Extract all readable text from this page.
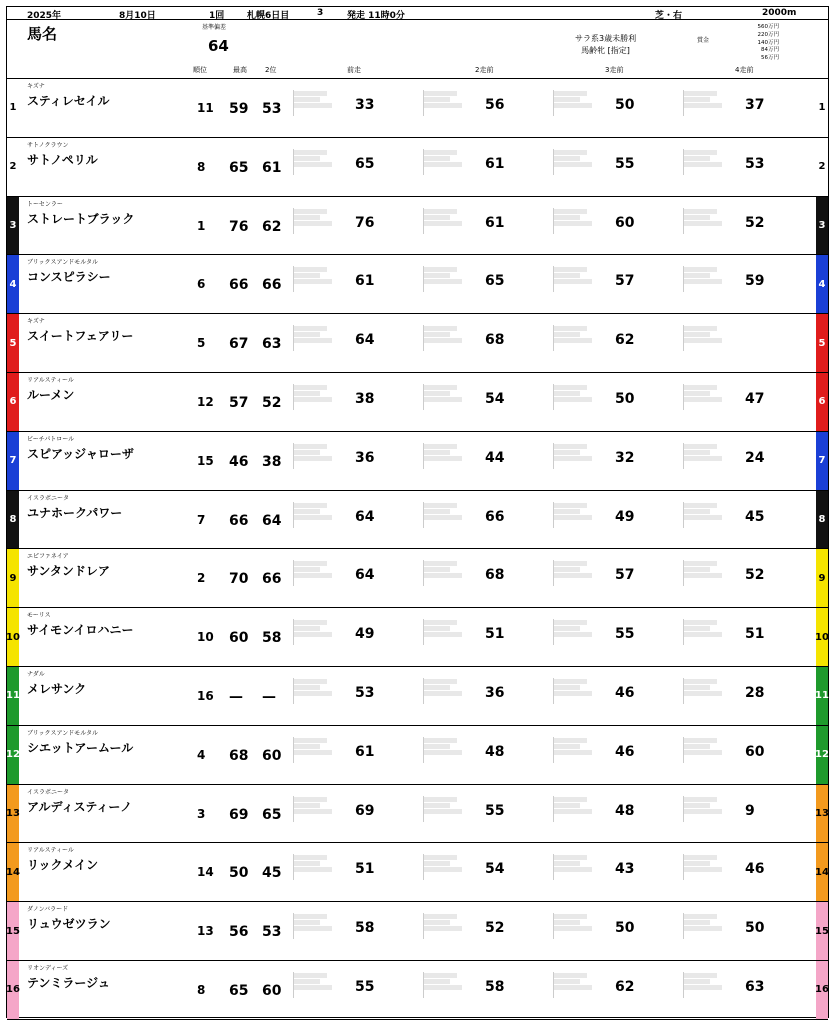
2025年	8月10日	1回	札幌6日目	3	発走 11時0分	芝・右	2000m
馬名	基準偏差
64
順位	最高	2位	前走	2走前	3走前	4走前
サラ系3歳未勝利
馬齢牝 [指定]
賞金
560万円
220万円
140万円
84万円
56万円
1	1
キズナ
スティレセイル	11 59 53	33	56	50	37
2	2
サトノクラウン
サトノペリル	8 65 61	65	61	55	53
3	3
トーセンラー
ストレートブラック	1 76 62	76	61	60	52
4	4
ブリックスアンドモルタル
コンスピラシー	6 66 66	61	65	57	59
5	5
キズナ
スイートフェアリー	5 67 63	64	68	62
6	6
リアルスティール
ルーメン	12 57 52	38	54	50	47
7	7
ビーチパトロール
スピアッジャローザ	15 46 38	36	44	32	24
8	8
イスラボニータ
ユナホークパワー	7 66 64	64	66	49	45
9	9
エピファネイア
サンタンドレア	2 70 66	64	68	57	52
10	10
モーリス
サイモンイロハニー	10 60 58	49	51	55	51
11	11
ナダル
メレサンク	16 — —	53	36	46	28
12	12
ブリックスアンドモルタル
シエットアームール	4 68 60	61	48	46	60
13	13
イスラボニータ
アルディスティーノ	3 69 65	69	55	48	9
14	14
リアルスティール
リックメイン	14 50 45	51	54	43	46
15	15
ダノンバラード
リュウゼツラン	13 56 53	58	52	50	50
16	16
リオンディーズ
テンミラージュ	8 65 60	55	58	62	63
